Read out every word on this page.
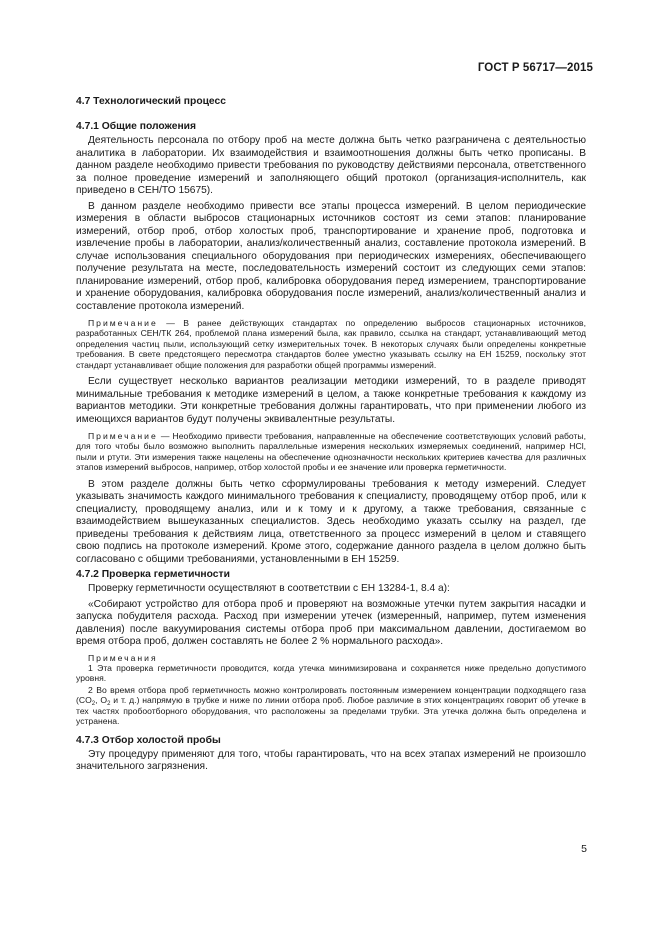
ГОСТ Р 56717—2015
4.7 Технологический процесс
4.7.1 Общие положения

Деятельность персонала по отбору проб на месте должна быть четко разграничена с деятельностью аналитика в лаборатории. Их взаимодействия и взаимоотношения должны быть четко прописаны. В данном разделе необходимо привести требования по руководству действиями персонала, ответственного за полное проведение измерений и заполняющего общий протокол (организация-исполнитель, как приведено в СЕН/ТО 15675).

В данном разделе необходимо привести все этапы процесса измерений. В целом периодические измерения в области выбросов стационарных источников состоят из семи этапов: планирование измерений, отбор проб, отбор холостых проб, транспортирование и хранение проб, подготовка и извлечение пробы в лаборатории, анализ/количественный анализ, составление протокола измерений. В случае использования специального оборудования при периодических измерениях, обеспечивающего получение результата на месте, последовательность измерений состоит из следующих семи этапов: планирование измерений, отбор проб, калибровка оборудования перед измерением, транспортирование и хранение оборудования, калибровка оборудования после измерений, анализ/количественный анализ и составление протокола измерений.

Примечание — В ранее действующих стандартах по определению выбросов стационарных источников, разработанных СЕН/ТК 264, проблемой плана измерений была, как правило, ссылка на стандарт, устанавливающий метод определения частиц пыли, использующий сетку измерительных точек. В некоторых случаях были определены конкретные требования. В свете предстоящего пересмотра стандартов более уместно указывать ссылку на ЕН 15259, поскольку этот стандарт устанавливает общие положения для разработки общей программы измерений.

Если существует несколько вариантов реализации методики измерений, то в разделе приводят минимальные требования к методике измерений в целом, а также конкретные требования к каждому из вариантов методики. Эти конкретные требования должны гарантировать, что при применении любого из имеющихся вариантов будут получены эквивалентные результаты.

Примечание — Необходимо привести требования, направленные на обеспечение соответствующих условий работы, для того чтобы было возможно выполнить параллельные измерения нескольких измеряемых соединений, например HCl, пыли и ртути. Эти измерения также нацелены на обеспечение однозначности нескольких критериев качества для различных этапов измерений выбросов, например, отбор холостой пробы и ее значение или проверка герметичности.

В этом разделе должны быть четко сформулированы требования к методу измерений. Следует указывать значимость каждого минимального требования к специалисту, проводящему отбор проб, или к специалисту, проводящему анализ, или и к тому и к другому, а также требования, связанные с взаимодействием вышеуказанных специалистов. Здесь необходимо указать ссылку на раздел, где приведены требования к действиям лица, ответственного за процесс измерений в целом и ставящего свою подпись на протоколе измерений. Кроме этого, содержание данного раздела в целом должно быть согласовано с общими требованиями, установленными в ЕН 15259.

4.7.2 Проверка герметичности

Проверку герметичности осуществляют в соответствии с ЕН 13284-1, 8.4 а):

«Собирают устройство для отбора проб и проверяют на возможные утечки путем закрытия насадки и запуска побудителя расхода. Расход при измерении утечек (измеренный, например, путем изменения давления) после вакуумирования системы отбора проб при максимальном давлении, достигаемом во время отбора проб, должен составлять не более 2 % нормального расхода».

Примечания
1 Эта проверка герметичности проводится, когда утечка минимизирована и сохраняется ниже предельно допустимого уровня.
2 Во время отбора проб герметичность можно контролировать постоянным измерением концентрации подходящего газа ($CO_2$, $O_2$ и т. д.) напрямую в трубке и ниже по линии отбора проб. Любое различие в этих концентрациях говорит об утечке в тех частях пробоотборного оборудования, что расположены за пределами трубки. Эта утечка должна быть определена и устранена.
4.7.3 Отбор холостой пробы

Эту процедуру применяют для того, чтобы гарантировать, что на всех этапах измерений не произошло значительного загрязнения.

5
